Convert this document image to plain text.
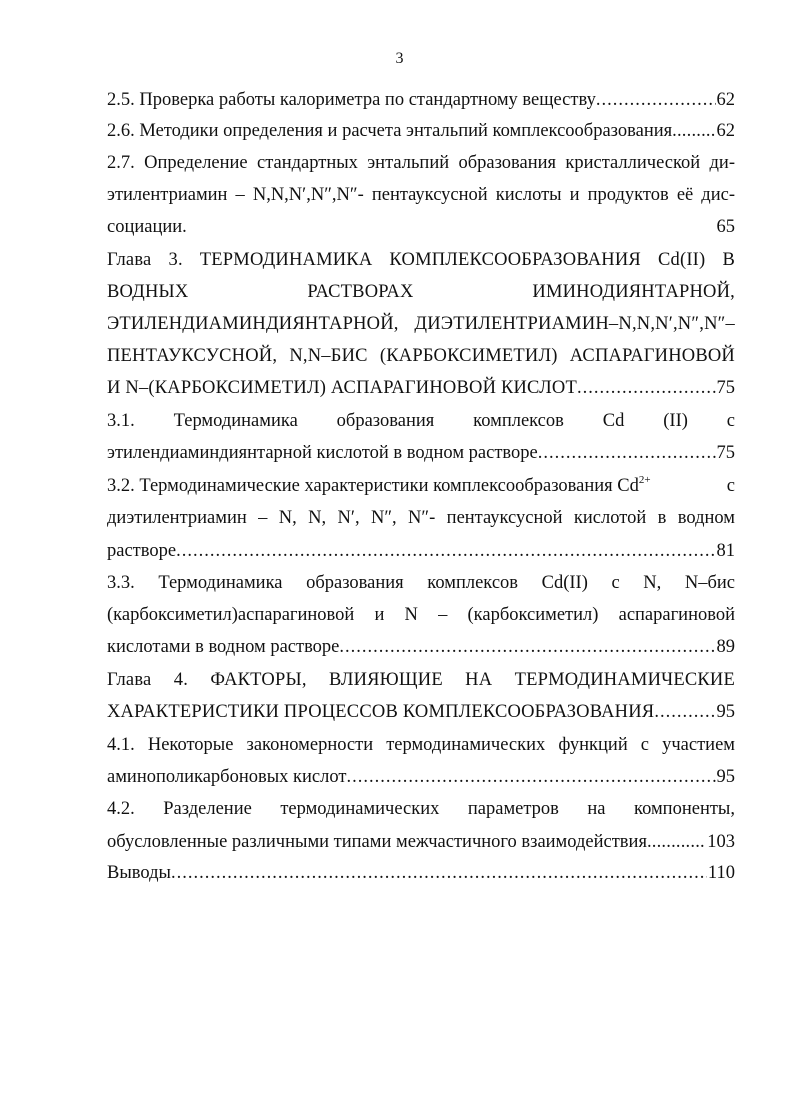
3
2.5. Проверка работы калориметра по стандартному веществу .....	62
2.6. Методики определения и расчета энтальпий комплексообразования ..... 62
2.7. Определение стандартных энтальпий образования кристаллической ди-
этилентриамин – N,N,N′,N″,N″- пентауксусной кислоты и продуктов её дис-
социации.	65
Глава 3. ТЕРМОДИНАМИКА КОМПЛЕКСООБРАЗОВАНИЯ Cd(II) В
ВОДНЫХ РАСТВОРАХ ИМИНОДИЯНТАРНОЙ,
ЭТИЛЕНДИАМИНДИЯНТАРНОЙ, ДИЭТИЛЕНТРИАМИН–N,N,N′,N″,N″–
ПЕНТАУКСУСНОЙ, N,N–БИС (КАРБОКСИМЕТИЛ) АСПАРАГИНОВОЙ
И N–(КАРБОКСИМЕТИЛ) АСПАРАГИНОВОЙ КИСЛОТ .....	75
3.1. Термодинамика образования комплексов Cd (II) с
этилендиаминдиянтарной кислотой в водном растворе .....	75
3.2. Термодинамические характеристики комплексообразования $Cd^{2+}$	с
диэтилентриамин – N, N, N′, N″, N″- пентауксусной кислотой в водном
растворе .....	81
3.3. Термодинамика образования комплексов Cd(II) с N, N–бис
(карбоксиметил)аспарагиновой и N – (карбоксиметил) аспарагиновой
кислотами в водном растворе .....	89
Глава 4. ФАКТОРЫ, ВЛИЯЮЩИЕ НА ТЕРМОДИНАМИЧЕСКИЕ
ХАРАКТЕРИСТИКИ ПРОЦЕССОВ КОМПЛЕКСООБРАЗОВАНИЯ .....	95
4.1. Некоторые закономерности термодинамических функций с участием
аминополикарбоновых кислот .....	95
4.2. Разделение термодинамических параметров на компоненты,
обусловленные различными типами межчастичного взаимодействия .....	103
Выводы .....	110
